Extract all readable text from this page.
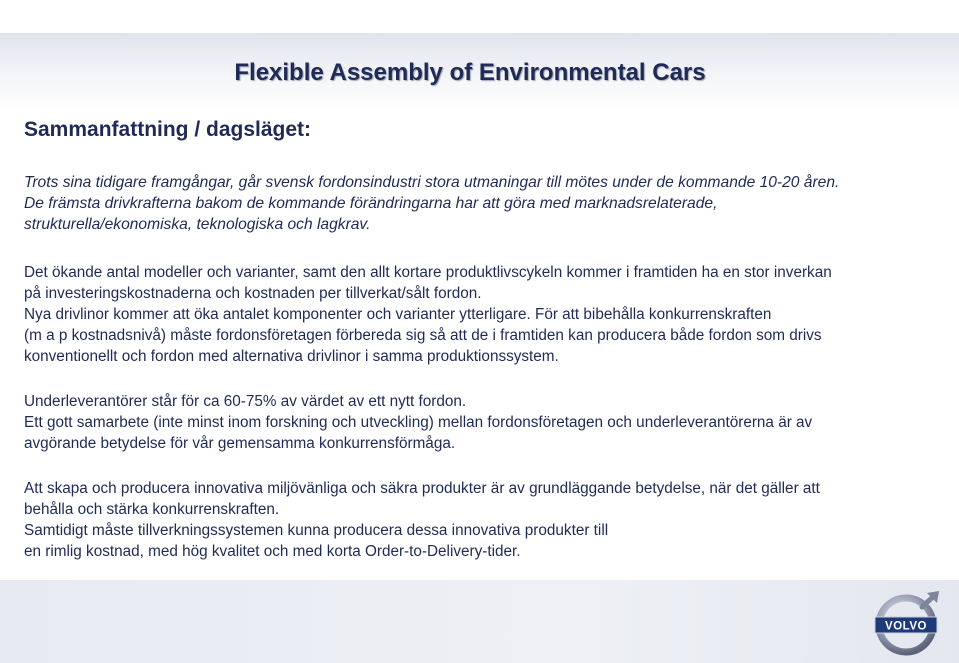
Flexible Assembly of Environmental Cars
Sammanfattning / dagsläget:

Trots sina tidigare framgångar, går svensk fordonsindustri stora utmaningar till mötes under de kommande 10-20 åren.

De främsta drivkrafterna bakom de kommande förändringarna har att göra med marknadsrelaterade,

strukturella/ekonomiska, teknologiska och lagkrav.

Det ökande antal modeller och varianter, samt den allt kortare produktlivscykeln kommer i framtiden ha en stor inverkan

på investeringskostnaderna och kostnaden per tillverkat/sålt fordon.

Nya drivlinor kommer att öka antalet komponenter och varianter ytterligare. För att bibehålla konkurrenskraften

(m a p kostnadsnivå) måste fordonsföretagen förbereda sig så att de i framtiden kan producera både fordon som drivs

konventionellt och fordon med alternativa drivlinor i samma produktionssystem.

Underleverantörer står för ca 60-75% av värdet av ett nytt fordon.

Ett gott samarbete (inte minst inom forskning och utveckling) mellan fordonsföretagen och underleverantörerna är av

avgörande betydelse för vår gemensamma konkurrensförmåga.

Att skapa och producera innovativa miljövänliga och säkra produkter är av grundläggande betydelse, när det gäller att

behålla och stärka konkurrenskraften.

Samtidigt måste tillverkningssystemen kunna producera dessa innovativa produkter till

en rimlig kostnad, med hög kvalitet och med korta Order-to-Delivery-tider.

VOLVO
